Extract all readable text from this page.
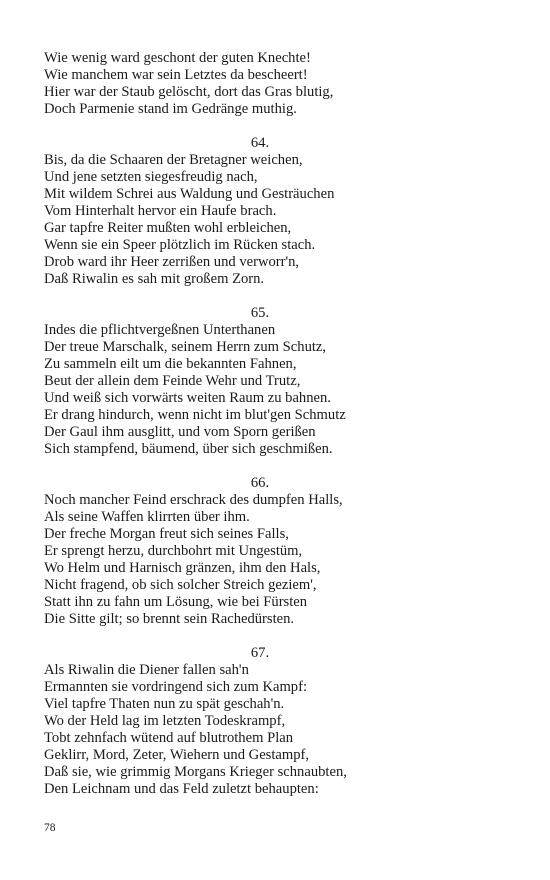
Wie wenig ward geschont der guten Knechte!
Wie manchem war sein Letztes da bescheert!
Hier war der Staub gelöscht, dort das Gras blutig,
Doch Parmenie stand im Gedränge muthig.
64.
Bis, da die Schaaren der Bretagner weichen,
Und jene setzten siegesfreudig nach,
Mit wildem Schrei aus Waldung und Gesträuchen
Vom Hinterhalt hervor ein Haufe brach.
Gar tapfre Reiter mußten wohl erbleichen,
Wenn sie ein Speer plötzlich im Rücken stach.
Drob ward ihr Heer zerrißen und verworr'n,
Daß Riwalin es sah mit großem Zorn.
65.
Indes die pflichtvergeßnen Unterthanen
Der treue Marschalk, seinem Herrn zum Schutz,
Zu sammeln eilt um die bekannten Fahnen,
Beut der allein dem Feinde Wehr und Trutz,
Und weiß sich vorwärts weiten Raum zu bahnen.
Er drang hindurch, wenn nicht im blut'gen Schmutz
Der Gaul ihm ausglitt, und vom Sporn gerißen
Sich stampfend, bäumend, über sich geschmißen.
66.
Noch mancher Feind erschrack des dumpfen Halls,
Als seine Waffen klirrten über ihm.
Der freche Morgan freut sich seines Falls,
Er sprengt herzu, durchbohrt mit Ungestüm,
Wo Helm und Harnisch gränzen, ihm den Hals,
Nicht fragend, ob sich solcher Streich geziem',
Statt ihn zu fahn um Lösung, wie bei Fürsten
Die Sitte gilt; so brennt sein Rachedürsten.
67.
Als Riwalin die Diener fallen sah'n
Ermannten sie vordringend sich zum Kampf:
Viel tapfre Thaten nun zu spät geschah'n.
Wo der Held lag im letzten Todeskrampf,
Tobt zehnfach wütend auf blutrothem Plan
Geklirr, Mord, Zeter, Wiehern und Gestampf,
Daß sie, wie grimmig Morgans Krieger schnaubten,
Den Leichnam und das Feld zuletzt behaupten:
78
